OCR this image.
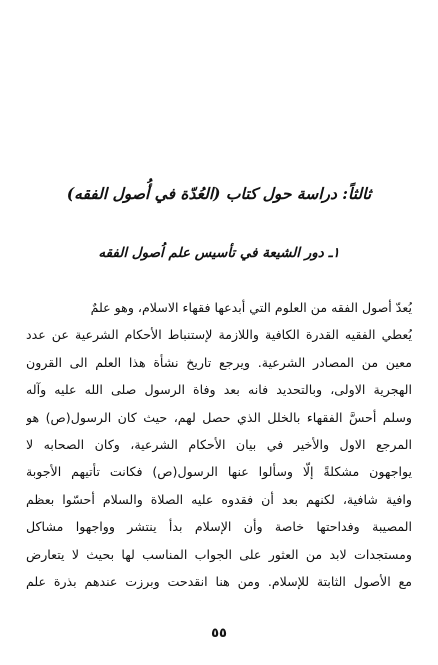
ثالثاً: دراسة حول كتاب (العُدّة في أُصول الفقه)
١ـ دور الشيعة في تأسيس علم اُصول الفقه
يُعدّ أصول الفقه من العلوم التي أبدعها فقهاء الاسلام، وهو علمٌ
يُعطي الفقيه القدرة الكافية واللازمة لإستنباط الأحكام الشرعية عن عدد
معين من المصادر الشرعية. ويرجع تاريخ نشأة هذا العلم الى القرون
الهجرية الاولى، وبالتحديد فانه بعد وفاة الرسول صلى الله عليه وآله
وسلم أحسَّ الفقهاء بالخلل الذي حصل لهم، حيث كان الرسول(ص) هو
المرجع الاول والأخير في بيان الأحكام الشرعية، وكان الصحابه لا
يواجهون مشكلةً إلّا وسألوا عنها الرسول(ص) فكانت تأتيهم الأجوبة
وافية شافية، لكنهم بعد أن فقدوه عليه الصلاة والسلام أحسّوا بعظم
المصيبة وفداحتها خاصة وأن الإسلام بدأ ينتشر وواجهوا مشاكل
ومستجدات لابد من العثور على الجواب المناسب لها بحيث لا يتعارض
مع الأصول الثابتة للإسلام. ومن هنا انقدحت وبرزت عندهم بذرة علم
٥٥
